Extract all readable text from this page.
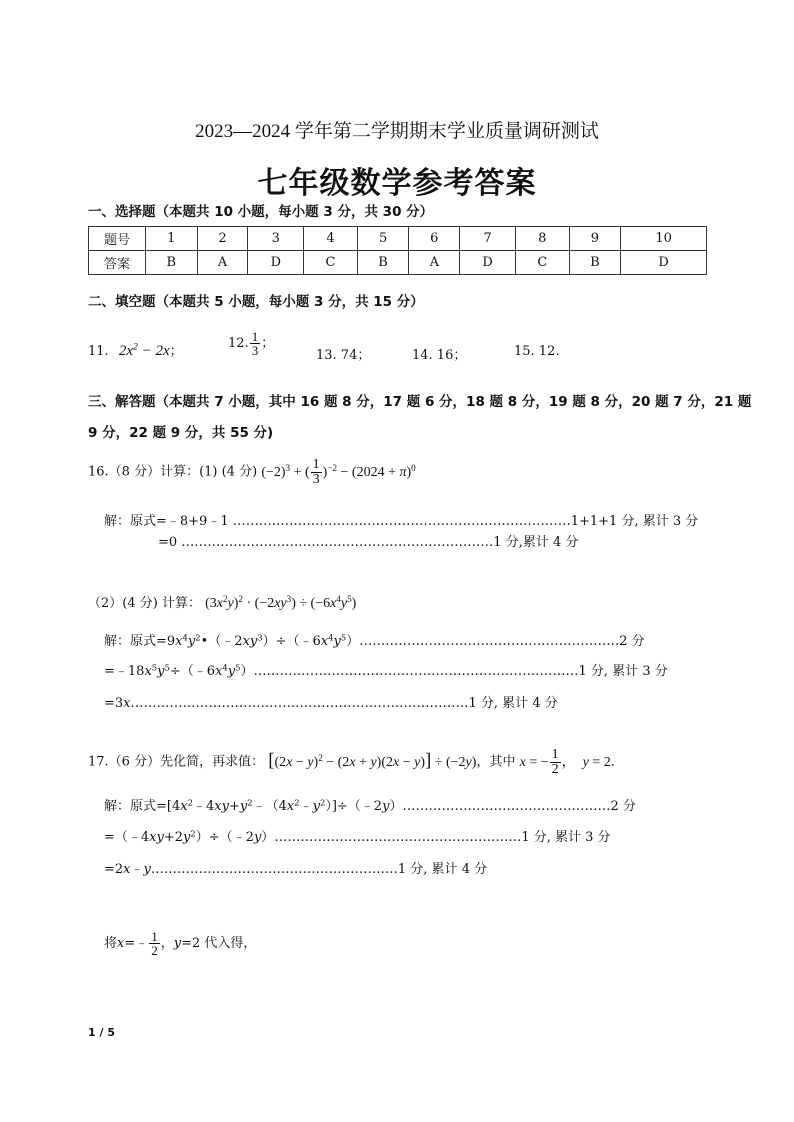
2023—2024 学年第二学期期末学业质量调研测试
七年级数学参考答案
一、选择题（本题共 10 小题，每小题 3 分，共 30 分）
题号	1	2	3	4	5	6	7	8	9	10
答案	B	A	D	C	B	A	D	C	B	D
二、填空题（本题共 5 小题，每小题 3 分，共 15 分）
11. $2x^2 - 2x$；
12. $\frac{1}{3}$ ；
13. 74；	14. 16；	15. 12.
三、解答题（本题共 7 小题，其中 16 题 8 分，17 题 6 分，18 题 8 分，19 题 8 分，20 题 7 分，21 题
9 分，22 题 9 分，共 55 分)
16.（8 分）计算：(1) (4 分) $(-2)^3$ + ( $\frac{1}{3} )^{-2} - (2024 + \pi)^0$
解：原式=﹣8+9﹣1 ……………………………………………………………………1+1+1 分, 累计 3 分
=0 ………………………………………………………………1 分,累计 4 分
（2）(4 分) 计算： $(3x^2y)^2 \cdot (-2xy^3) \div (-6x^4y^5)$
解：原式$=9x^4y^2•(﹣2xy^3)\div(﹣6x^4y^5)\dots\dots\dots\dots\dots\dots\dots\dots\dots\dots\dots\dots\dots\dots\dots\dots\dots\dots\dots\dots 2$ 分
$=﹣18x^5y^5\div(﹣6x^4y^5)\dots\dots\dots\dots\dots\dots\dots\dots\dots\dots\dots\dots\dots\dots\dots\dots\dots\dots\dots\dots\dots\dots\dots\dots\dots 1$ 分, 累计 3 分
=3x……………………………………………………………………1 分, 累计 4 分
17.（6 分）先化简，再求值： $[(2x - y)^2 - (2x + y)(2x - y)] \div (-2y)$，其中 x = − $\frac{1}{2}$ ，  y = 2．
解：原式$=[4x^2﹣4xy+y^2﹣(4x^2﹣y^2)]\div(﹣2y)\dots\dots\dots\dots\dots\dots\dots\dots\dots\dots\dots\dots\dots\dots\dots\dots 2$ 分
$=(﹣4xy+2y^2)\div(﹣2y)\dots\dots\dots\dots\dots\dots\dots\dots\dots\dots\dots\dots\dots\dots\dots\dots\dots\dots\dots 1$ 分, 累计 3 分
=2x﹣y…………………………………………………1 分, 累计 4 分
将x=﹣ $\frac{1}{2}$ ，y=2 代入得，
1 / 5
